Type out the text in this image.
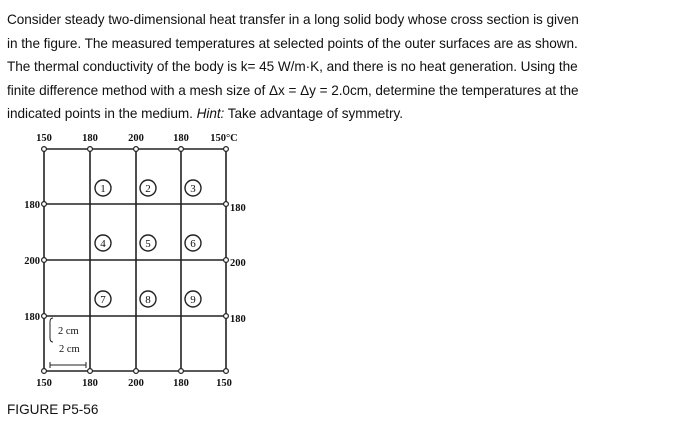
Consider steady two-dimensional heat transfer in a long solid body whose cross section is given
in the figure. The measured temperatures at selected points of the outer surfaces are as shown.
The thermal conductivity of the body is k= 45 W/m·K, and there is no heat generation. Using the
finite difference method with a mesh size of Δx = Δy = 2.0cm, determine the temperatures at the
indicated points in the medium. Hint: Take advantage of symmetry.
150	180	200	180 150°C
150	180	200	180	150
180
200
180
180
200
180
1	2	3
4	5	6
7	8	9
2 cm
2 cm
FIGURE P5-56
